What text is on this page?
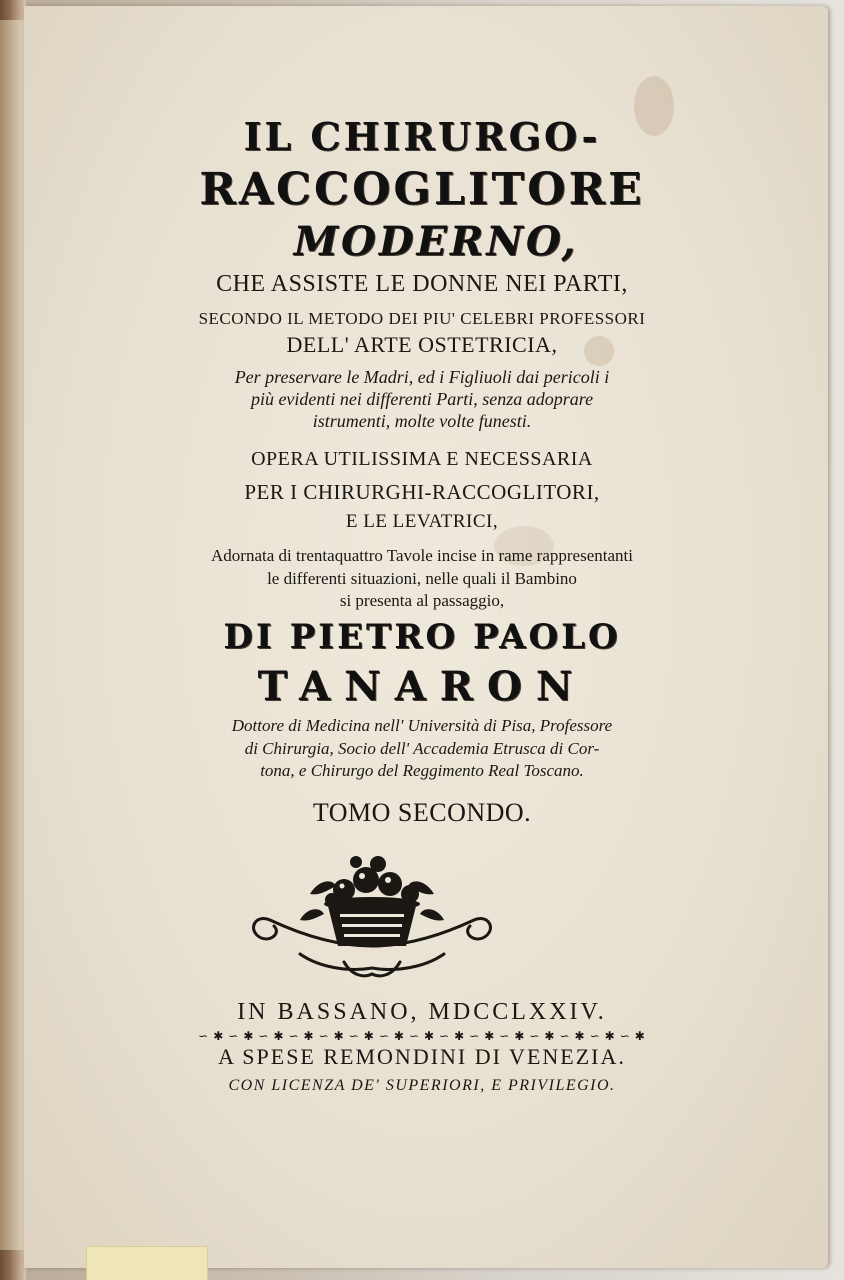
IL CHIRURGO-
RACCOGLITORE
MODERNO,
CHE ASSISTE LE DONNE NEI PARTI,
SECONDO IL METODO DEI PIU' CELEBRI PROFESSORI
DELL' ARTE OSTETRICIA,
Per preservare le Madri, ed i Figliuoli dai pericoli i
più evidenti nei differenti Parti, senza adoprare
istrumenti, molte volte funesti.
OPERA UTILISSIMA E NECESSARIA
PER I CHIRURGHI-RACCOGLITORI,
E LE LEVATRICI,
Adornata di trentaquattro Tavole incise in rame rappresentanti
le differenti situazioni, nelle quali il Bambino
si presenta al passaggio,
DI PIETRO PAOLO
TANARON
Dottore di Medicina nell' Università di Pisa, Professore
di Chirurgia, Socio dell' Accademia Etrusca di Cor-
tona, e Chirurgo del Reggimento Real Toscano.
TOMO SECONDO.
IN BASSANO, MDCCLXXIV.
∽ ✱ ∽ ✱ ∽ ✱ ∽ ✱ ∽ ✱ ∽ ✱ ∽ ✱ ∽ ✱ ∽ ✱ ∽ ✱ ∽ ✱ ∽ ✱ ∽ ✱ ∽ ✱ ∽ ✱
A SPESE REMONDINI DI VENEZIA.
CON LICENZA DE' SUPERIORI, E PRIVILEGIO.
